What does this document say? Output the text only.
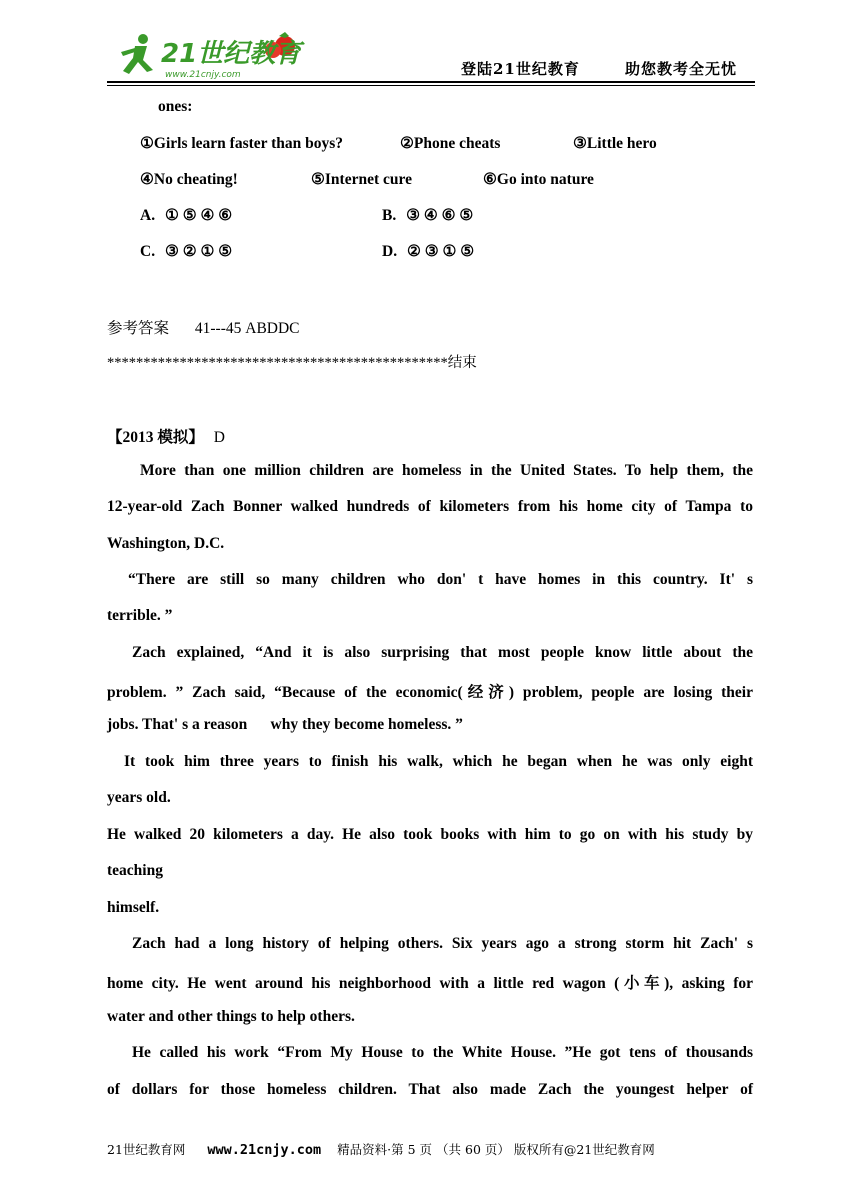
21世纪教育
www.21cnjy.com	登陆21世纪教育	助您教考全无忧
ones:
①Girls learn faster than boys?	②Phone cheats	③Little hero
④No cheating!	⑤Internet cure	⑥Go into nature
A. ① ⑤ ④ ⑥	B. ③ ④ ⑥ ⑤
C. ③ ② ① ⑤	D. ② ③ ① ⑤
参考答案 41---45 ABDDC
***********************************************结束
【2013 模拟】 D
More than one million children are homeless in the United States. To help them, the
12-year-old Zach Bonner walked hundreds of kilometers from his home city of Tampa to
Washington, D.C.
“There are still so many children who don' t have homes in this country. It' s
terrible. ”
Zach explained, “And it is also surprising that most people know little about the
problem. ” Zach said, “Because of the economic(经济) problem, people are losing their
jobs. That' s a reason      why they become homeless. ”
It took him three years to finish his walk, which he began when he was only eight
years old.
He walked 20 kilometers a day. He also took books with him to go on with his study by
teaching
himself.
Zach had a long history of helping others. Six years ago a strong storm hit Zach' s
home city. He went around his neighborhood with a little red wagon (小车), asking for
water and other things to help others.
He called his work “From My House to the White House. ”He got tens of thousands
of dollars for those homeless children. That also made Zach the youngest helper of
21世纪教育网 www.21cnjy.com 精品资料·第 5 页 （共 60 页） 版权所有@21世纪教育网
